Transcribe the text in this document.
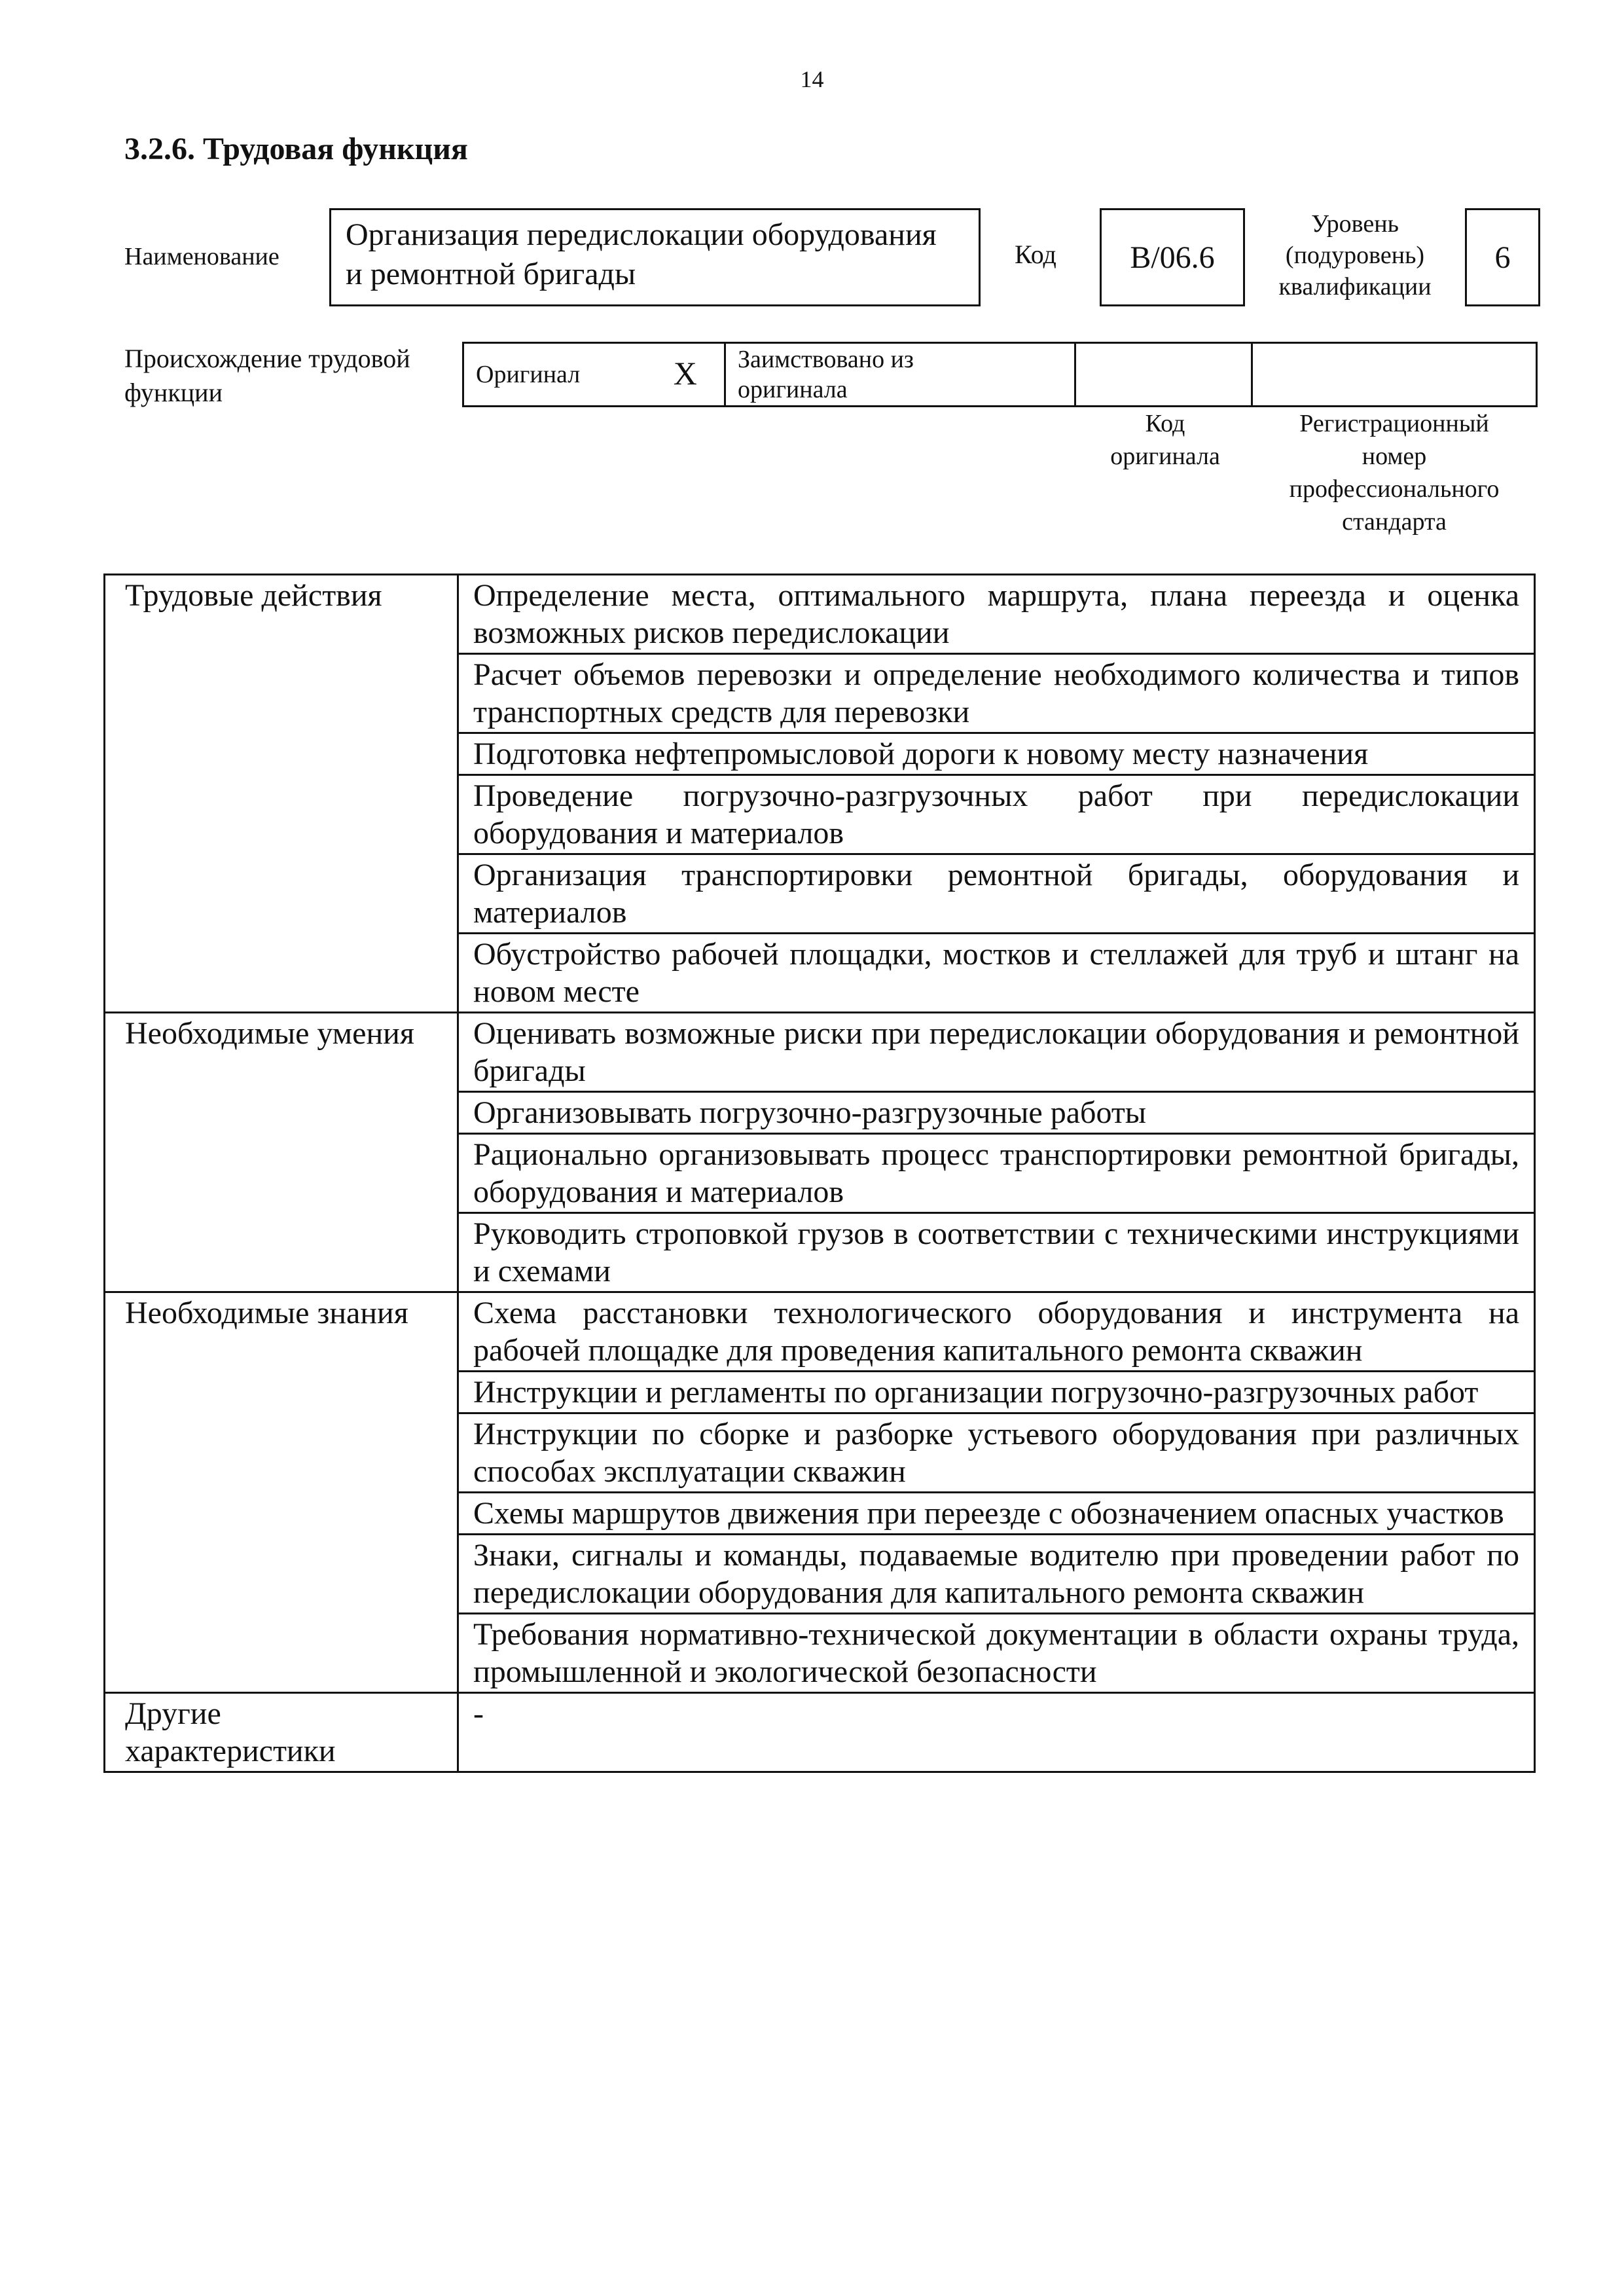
14
3.2.6. Трудовая функция
Наименование
Организация передислокации оборудования
и ремонтной бригады
Код В/06.6
Уровень
(подуровень)
квалификации
6
Происхождение трудовой
функции
Оригинал	X	Заимствовано из
оригинала

Код
оригинала
Регистрационный
номер
профессионального
стандарта
Трудовые действия	Определение места, оптимального маршрута, плана переезда и оценка возможных рисков передислокации
	Расчет объемов перевозки и определение необходимого количества и типов транспортных средств для перевозки
	Подготовка нефтепромысловой дороги к новому месту назначения
	Проведение погрузочно-разгрузочных работ при передислокации оборудования и материалов
	Организация транспортировки ремонтной бригады, оборудования и материалов
	Обустройство рабочей площадки, мостков и стеллажей для труб и штанг на новом месте
Необходимые умения	Оценивать возможные риски при передислокации оборудования и ремонтной бригады
	Организовывать погрузочно-разгрузочные работы
	Рационально организовывать процесс транспортировки ремонтной бригады, оборудования и материалов
	Руководить строповкой грузов в соответствии с техническими инструкциями и схемами
Необходимые знания	Схема расстановки технологического оборудования и инструмента на рабочей площадке для проведения капитального ремонта скважин
	Инструкции и регламенты по организации погрузочно-разгрузочных работ
	Инструкции по сборке и разборке устьевого оборудования при различных способах эксплуатации скважин
	Схемы маршрутов движения при переезде с обозначением опасных участков
	Знаки, сигналы и команды, подаваемые водителю при проведении работ по передислокации оборудования для капитального ремонта скважин
	Требования нормативно-технической документации в области охраны труда, промышленной и экологической безопасности

Другие
характеристики	-
